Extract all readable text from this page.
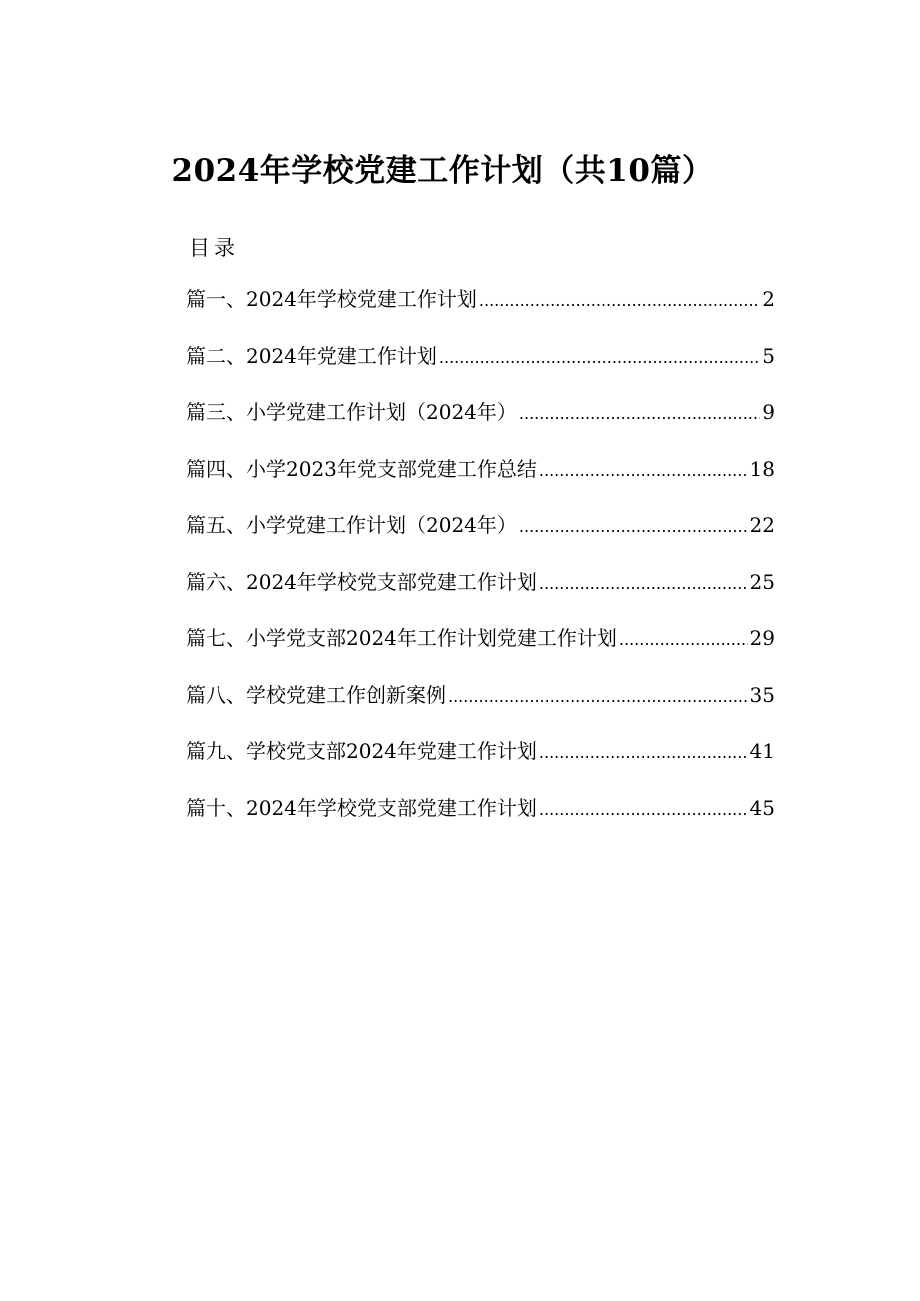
2024年学校党建工作计划（共10篇）
目录
篇一、2024年学校党建工作计划 .....	2
篇二、2024年党建工作计划 .....	5
篇三、小学党建工作计划（2024年） .....	9
篇四、小学2023年党支部党建工作总结 .....	18
篇五、小学党建工作计划（2024年） .....	22
篇六、2024年学校党支部党建工作计划 .....	25
篇七、小学党支部2024年工作计划党建工作计划 .....	29
篇八、学校党建工作创新案例 .....	35
篇九、学校党支部2024年党建工作计划 .....	41
篇十、2024年学校党支部党建工作计划 .....	45
